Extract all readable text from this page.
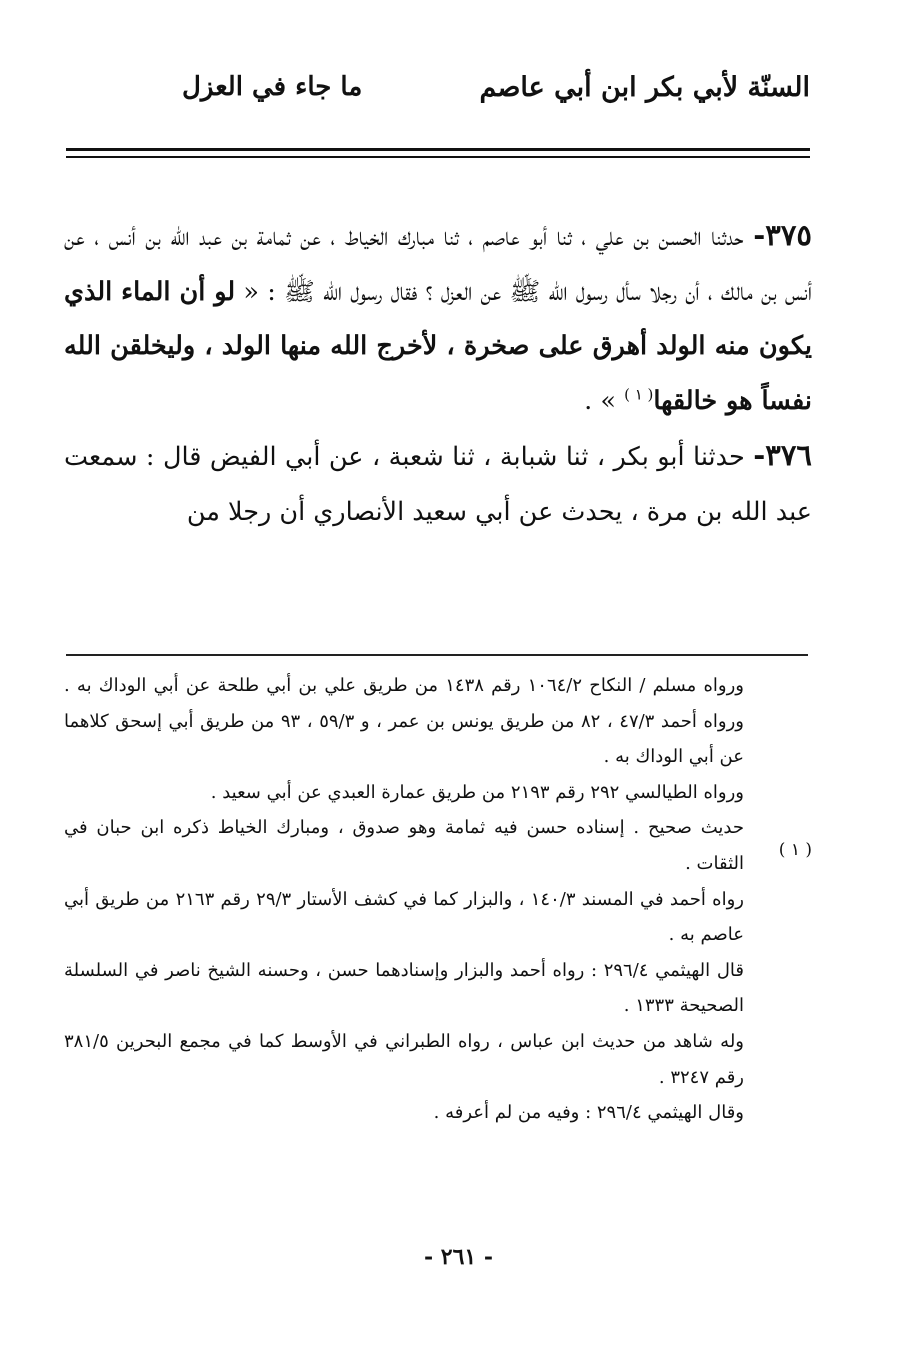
السنّة لأبي بكر ابن أبي عاصم
ما جاء في العزل

٣٧٥- حدثنا الحسن بن علي ، ثنا أبو عاصم ، ثنا مبارك الخياط ، عن ثمامة بن عبد الله بن أنس ، عن أنس بن مالك ، أن رجلا سأل رسول الله ﷺ عن العزل ؟ فقال رسول الله ﷺ : « لو أن الماء الذي يكون منه الولد أهرق على صخرة ، لأخرج الله منها الولد ، وليخلقن الله نفساً هو خالقها$^{( ١ )}$ » .

٣٧٦- حدثنا أبو بكر ، ثنا شبابة ، ثنا شعبة ، عن أبي الفيض قال : سمعت عبد الله بن مرة ، يحدث عن أبي سعيد الأنصاري أن رجلا من

ورواه مسلم / النكاح ١٠٦٤/٢ رقم ١٤٣٨ من طريق علي بن أبي طلحة عن أبي الوداك به . ورواه أحمد ٤٧/٣ ، ٨٢ من طريق يونس بن عمر ، و ٥٩/٣ ، ٩٣ من طريق أبي إسحق كلاهما عن أبي الوداك به .

ورواه الطيالسي ٢٩٢ رقم ٢١٩٣ من طريق عمارة العبدي عن أبي سعيد .

حديث صحيح . إسناده حسن فيه ثمامة وهو صدوق ، ومبارك الخياط ذكره ابن حبان في الثقات .

رواه أحمد في المسند ١٤٠/٣ ، والبزار كما في كشف الأستار ٢٩/٣ رقم ٢١٦٣ من طريق أبي عاصم به .

قال الهيثمي ٢٩٦/٤ : رواه أحمد والبزار وإسنادهما حسن ، وحسنه الشيخ ناصر في السلسلة الصحيحة ١٣٣٣ .

وله شاهد من حديث ابن عباس ، رواه الطبراني في الأوسط كما في مجمع البحرين ٣٨١/٥ رقم ٣٢٤٧ .

وقال الهيثمي ٢٩٦/٤ : وفيه من لم أعرفه .

( ١ )
- ٢٦١ -
